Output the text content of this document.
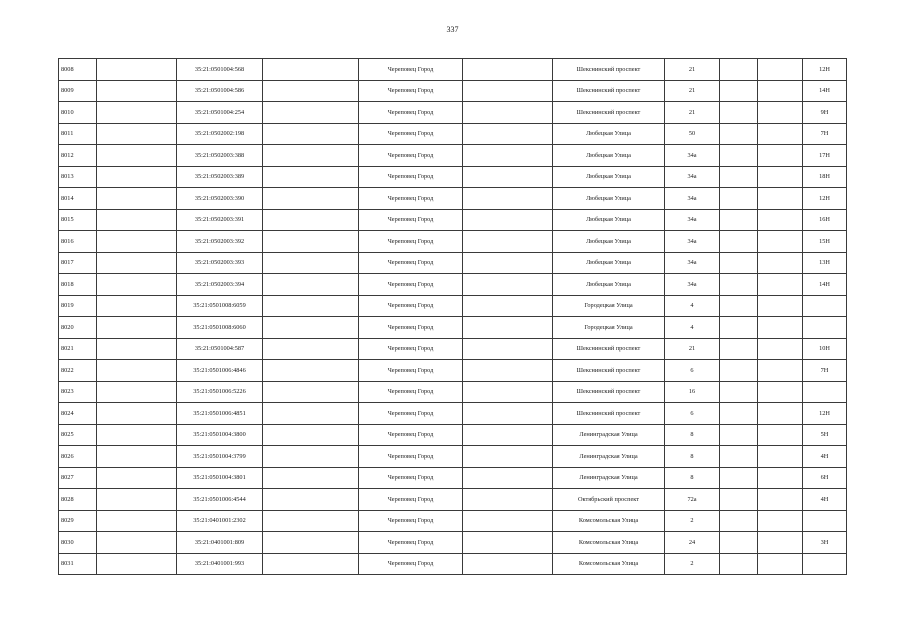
337
8008		35:21:0501004:568		Череповец Город		Шекснинский проспект	21			12Н
8009		35:21:0501004:586		Череповец Город		Шекснинский проспект	21			14Н
8010		35:21:0501004:254		Череповец Город		Шекснинский проспект	21			9Н
8011		35:21:0502002:198		Череповец Город		Любецкая Улица	50			7Н
8012		35:21:0502003:388		Череповец Город		Любецкая Улица	34а			17Н
8013		35:21:0502003:389		Череповец Город		Любецкая Улица	34а			18Н
8014		35:21:0502003:390		Череповец Город		Любецкая Улица	34а			12Н
8015		35:21:0502003:391		Череповец Город		Любецкая Улица	34а			16Н
8016		35:21:0502003:392		Череповец Город		Любецкая Улица	34а			15Н
8017		35:21:0502003:393		Череповец Город		Любецкая Улица	34а			13Н
8018		35:21:0502003:394		Череповец Город		Любецкая Улица	34а			14Н
8019		35:21:0501008:6059		Череповец Город		Городецкая Улица	4			
8020		35:21:0501008:6060		Череповец Город		Городецкая Улица	4			
8021		35:21:0501004:587		Череповец Город		Шекснинский проспект	21			10Н
8022		35:21:0501006:4846		Череповец Город		Шекснинский проспект	6			7Н
8023		35:21:0501006:5226		Череповец Город		Шекснинский проспект	16			
8024		35:21:0501006:4851		Череповец Город		Шекснинский проспект	6			12Н
8025		35:21:0501004:3800		Череповец Город		Ленинградская Улица	8			5Н
8026		35:21:0501004:3799		Череповец Город		Ленинградская Улица	8			4Н
8027		35:21:0501004:3801		Череповец Город		Ленинградская Улица	8			6Н
8028		35:21:0501006:4544		Череповец Город		Октябрьский проспект	72а			4Н
8029		35:21:0401001:2302		Череповец Город		Комсомольская Улица	2			
8030		35:21:0401001:809		Череповец Город		Комсомольская Улица	24			3Н
8031		35:21:0401001:993		Череповец Город		Комсомольская Улица	2			
